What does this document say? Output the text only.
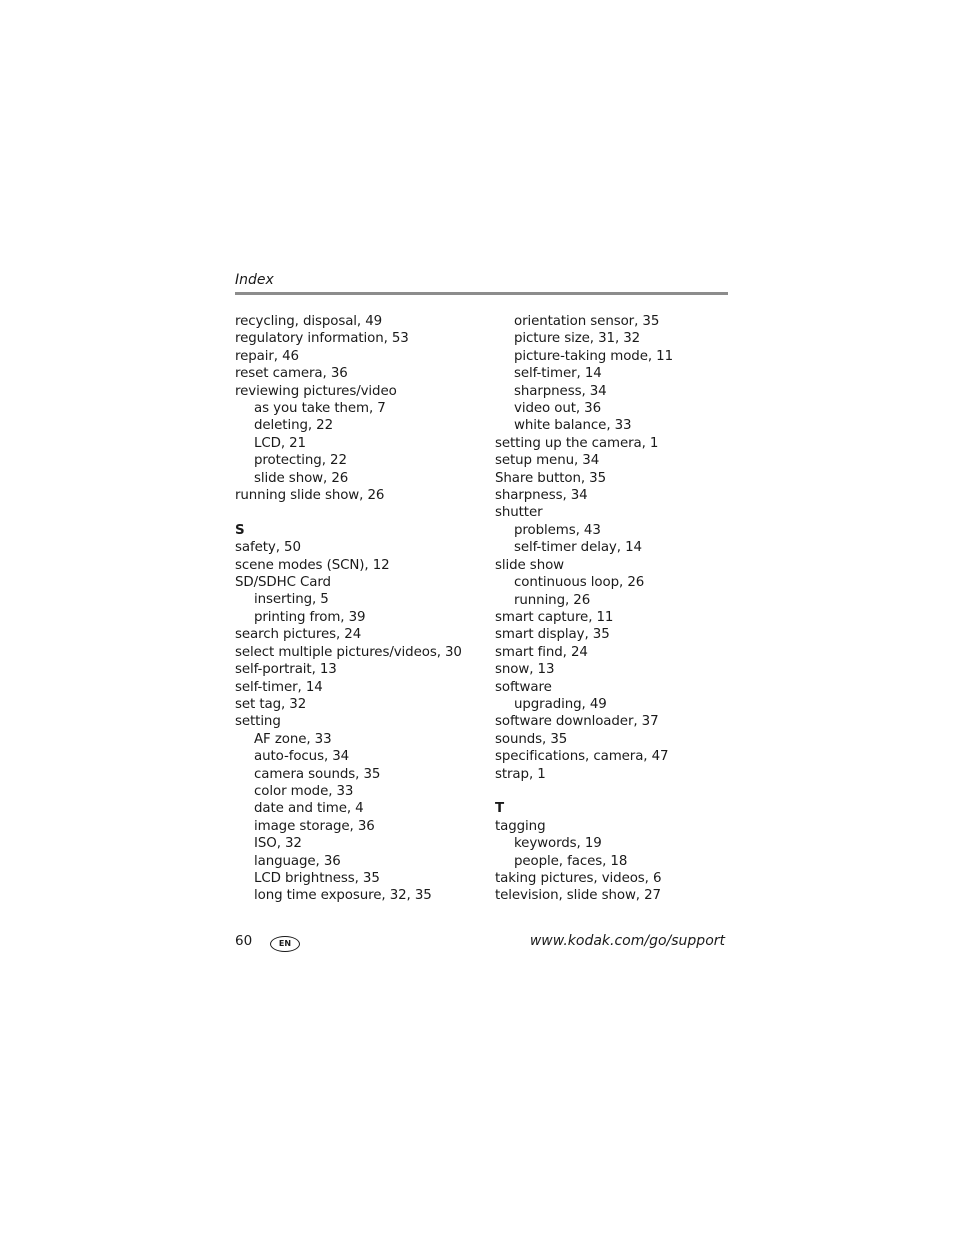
Index
recycling, disposal, 49
regulatory information, 53
repair, 46
reset camera, 36
reviewing pictures/video
as you take them, 7
deleting, 22
LCD, 21
protecting, 22
slide show, 26
running slide show, 26
S
safety, 50
scene modes (SCN), 12
SD/SDHC Card
inserting, 5
printing from, 39
search pictures, 24
select multiple pictures/videos, 30
self-portrait, 13
self-timer, 14
set tag, 32
setting
AF zone, 33
auto-focus, 34
camera sounds, 35
color mode, 33
date and time, 4
image storage, 36
ISO, 32
language, 36
LCD brightness, 35
long time exposure, 32, 35
orientation sensor, 35
picture size, 31, 32
picture-taking mode, 11
self-timer, 14
sharpness, 34
video out, 36
white balance, 33
setting up the camera, 1
setup menu, 34
Share button, 35
sharpness, 34
shutter
problems, 43
self-timer delay, 14
slide show
continuous loop, 26
running, 26
smart capture, 11
smart display, 35
smart find, 24
snow, 13
software
upgrading, 49
software downloader, 37
sounds, 35
specifications, camera, 47
strap, 1
T
tagging
keywords, 19
people, faces, 18
taking pictures, videos, 6
television, slide show, 27
60	EN	www.kodak.com/go/support
